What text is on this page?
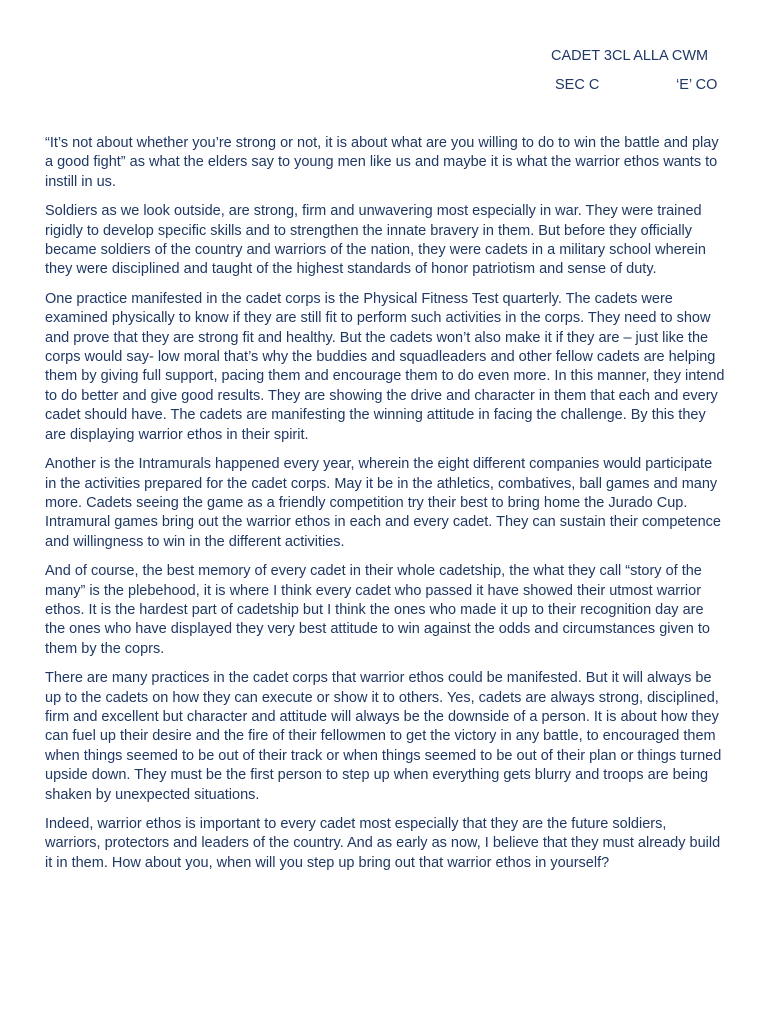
CADET 3CL ALLA CWM
SEC C	‘E’ CO

“It’s not about whether you’re strong or not, it is about what are you willing to do to win the battle and play a good fight” as what the elders say to young men like us and maybe it is what the warrior ethos wants to instill in us.

Soldiers as we look outside, are strong, firm and unwavering most especially in war. They were trained rigidly to develop specific skills and to strengthen the innate bravery in them. But before they officially became soldiers of the country and warriors of the nation, they were cadets in a military school wherein they were disciplined and taught of the highest standards of honor patriotism and sense of duty.

One practice manifested in the cadet corps is the Physical Fitness Test quarterly. The cadets were examined physically to know if they are still fit to perform such activities in the corps. They need to show and prove that they are strong fit and healthy. But the cadets won’t also make it if they are – just like the corps would say- low moral that’s why the buddies and squadleaders and other fellow cadets are helping them by giving full support, pacing them and encourage them to do even more. In this manner, they intend to do better and give good results. They are showing the drive and character in them that each and every cadet should have. The cadets are manifesting the winning attitude in facing the challenge. By this they are displaying warrior ethos in their spirit.

Another is the Intramurals happened every year, wherein the eight different companies would participate in the activities prepared for the cadet corps. May it be in the athletics, combatives, ball games and many more. Cadets seeing the game as a friendly competition try their best to bring home the Jurado Cup. Intramural games bring out the warrior ethos in each and every cadet. They can sustain their competence and willingness to win in the different activities.

And of course, the best memory of every cadet in their whole cadetship, the what they call “story of the many” is the plebehood, it is where I think every cadet who passed it have showed their utmost warrior ethos. It is the hardest part of cadetship but I think the ones who made it up to their recognition day are the ones who have displayed they very best attitude to win against the odds and circumstances given to them by the coprs.

There are many practices in the cadet corps that warrior ethos could be manifested. But it will always be up to the cadets on how they can execute or show it to others. Yes, cadets are always strong, disciplined, firm and excellent but character and attitude will always be the downside of a person. It is about how they can fuel up their desire and the fire of their fellowmen to get the victory in any battle, to encouraged them when things seemed to be out of their track or when things seemed to be out of their plan or things turned upside down. They must be the first person to step up when everything gets blurry and troops are being shaken by unexpected situations.

Indeed, warrior ethos is important to every cadet most especially that they are the future soldiers, warriors, protectors and leaders of the country. And as early as now, I believe that they must already build it in them. How about you, when will you step up bring out that warrior ethos in yourself?
